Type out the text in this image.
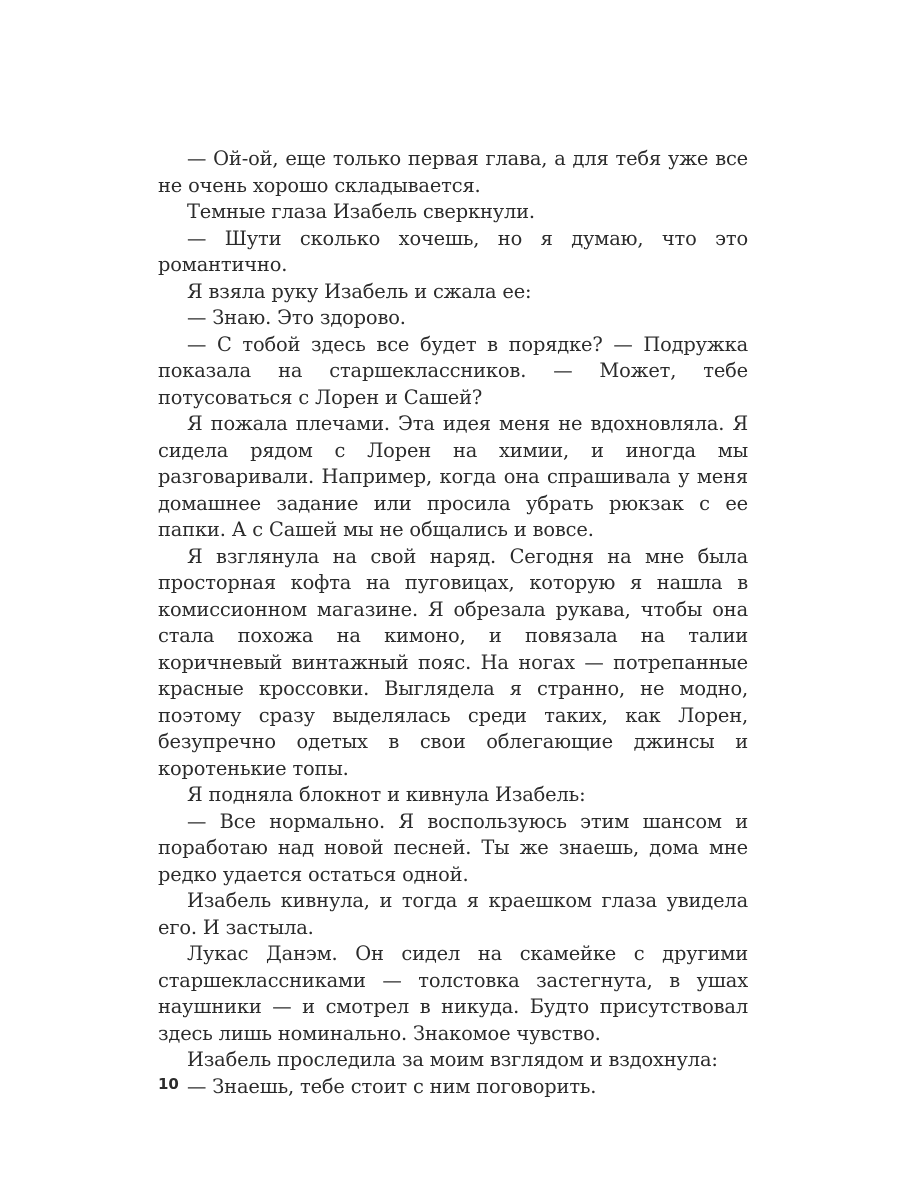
— Ой-ой, еще только первая глава, а для тебя уже все не очень хорошо складывается.

Темные глаза Изабель сверкнули.

— Шути сколько хочешь, но я думаю, что это романтично.

Я взяла руку Изабель и сжала ее:

— Знаю. Это здорово.

— С тобой здесь все будет в порядке? — Подружка показала на старшеклассников. — Может, тебе потусоваться с Лорен и Сашей?

Я пожала плечами. Эта идея меня не вдохновляла. Я сидела рядом с Лорен на химии, и иногда мы разговаривали. Например, когда она спрашивала у меня домашнее задание или просила убрать рюкзак с ее папки. А с Сашей мы не общались и вовсе.

Я взглянула на свой наряд. Сегодня на мне была просторная кофта на пуговицах, которую я нашла в комиссионном магазине. Я обрезала рукава, чтобы она стала похожа на кимоно, и повязала на талии коричневый винтажный пояс. На ногах — потрепанные красные кроссовки. Выглядела я странно, не модно, поэтому сразу выделялась среди таких, как Лорен, безупречно одетых в свои облегающие джинсы и коротенькие топы.

Я подняла блокнот и кивнула Изабель:

— Все нормально. Я воспользуюсь этим шансом и поработаю над новой песней. Ты же знаешь, дома мне редко удается остаться одной.

Изабель кивнула, и тогда я краешком глаза увидела его. И застыла.

Лукас Данэм. Он сидел на скамейке с другими старшеклассниками — толстовка застегнута, в ушах наушники — и смотрел в никуда. Будто присутствовал здесь лишь номинально. Знакомое чувство.

Изабель проследила за моим взглядом и вздохнула:

— Знаешь, тебе стоит с ним поговорить.

10
